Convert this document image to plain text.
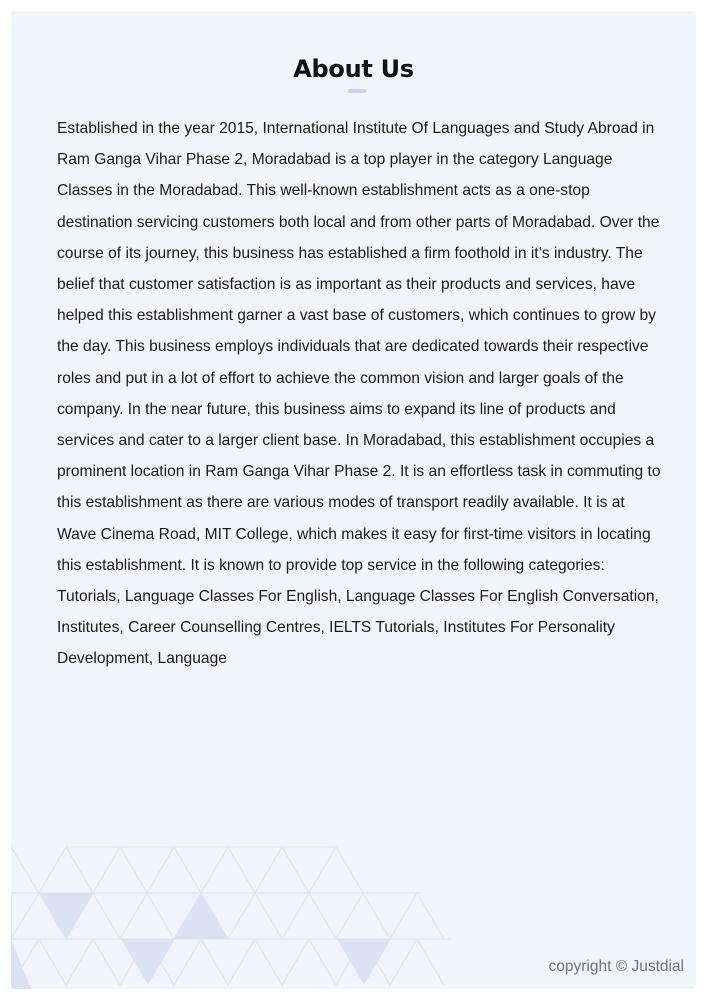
About Us

Established in the year 2015, International Institute Of Languages and Study Abroad in Ram Ganga Vihar Phase 2, Moradabad is a top player in the category Language Classes in the Moradabad. This well-known establishment acts as a one-stop destination servicing customers both local and from other parts of Moradabad. Over the course of its journey, this business has established a firm foothold in it’s industry. The belief that customer satisfaction is as important as their products and services, have helped this establishment garner a vast base of customers, which continues to grow by the day. This business employs individuals that are dedicated towards their respective roles and put in a lot of effort to achieve the common vision and larger goals of the company. In the near future, this business aims to expand its line of products and services and cater to a larger client base. In Moradabad, this establishment occupies a prominent location in Ram Ganga Vihar Phase 2. It is an effortless task in commuting to this establishment as there are various modes of transport readily available. It is at Wave Cinema Road, MIT College, which makes it easy for first-time visitors in locating this establishment. It is known to provide top service in the following categories: Tutorials, Language Classes For English, Language Classes For English Conversation, Institutes, Career Counselling Centres, IELTS Tutorials, Institutes For Personality Development, Language

copyright © Justdial
